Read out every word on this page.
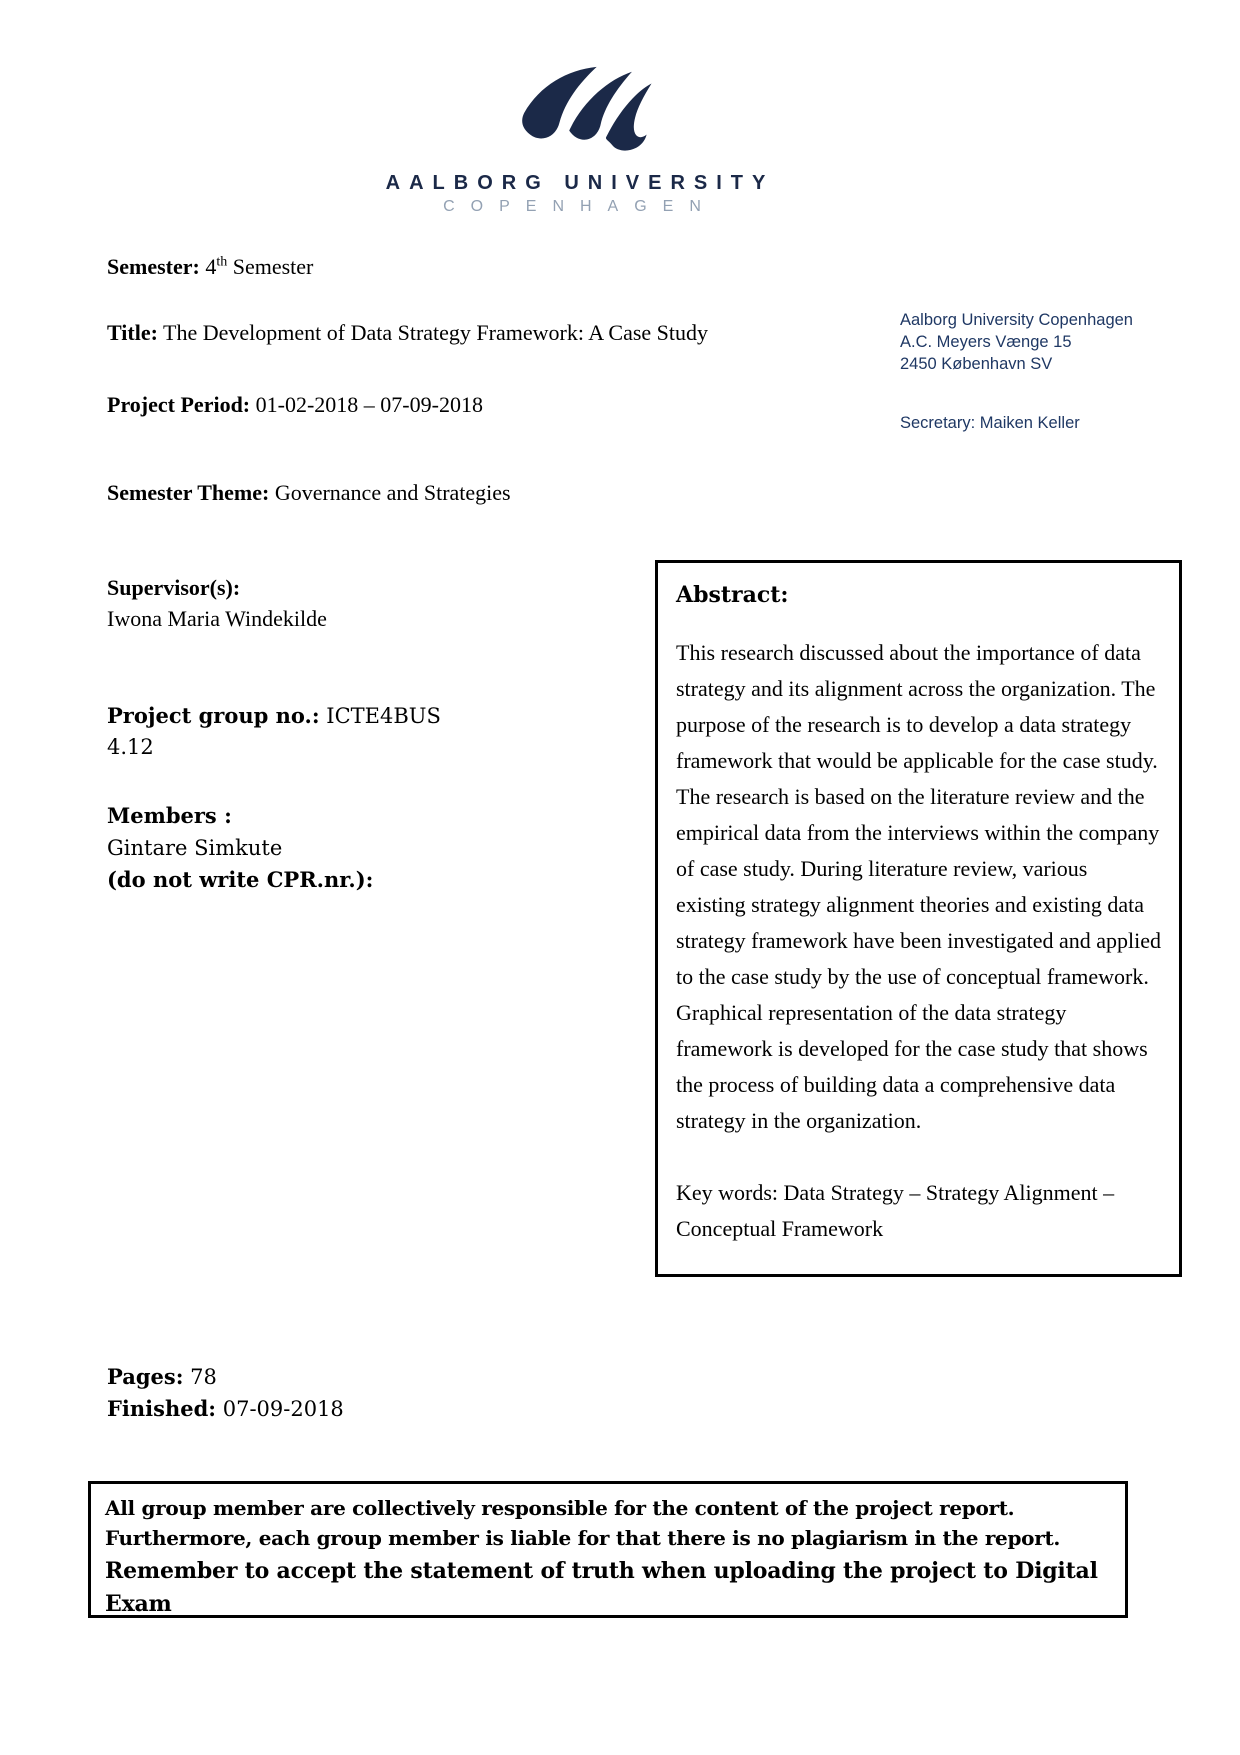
AALBORG UNIVERSITY
COPENHAGEN
Semester: 4th Semester
Title: The Development of Data Strategy Framework: A Case Study
Project Period: 01-02-2018 – 07-09-2018
Semester Theme: Governance and Strategies
Supervisor(s):
Iwona Maria Windekilde
Project group no.: ICTE4BUS
4.12
Members :
Gintare Simkute
(do not write CPR.nr.):
Pages: 78
Finished: 07-09-2018
Aalborg University Copenhagen
A.C. Meyers Vænge 15
2450 København SV
Secretary: Maiken Keller
Abstract:
This research discussed about the importance of data strategy and its alignment across the organization. The purpose of the research is to develop a data strategy framework that would be applicable for the case study. The research is based on the literature review and the empirical data from the interviews within the company of case study. During literature review, various existing strategy alignment theories and existing data strategy framework have been investigated and applied to the case study by the use of conceptual framework. Graphical representation of the data strategy framework is developed for the case study that shows the process of building data a comprehensive data strategy in the organization.
Key words: Data Strategy – Strategy Alignment – Conceptual Framework

All group member are collectively responsible for the content of the project report.

Furthermore, each group member is liable for that there is no plagiarism in the report.

Remember to accept the statement of truth when uploading the project to Digital Exam
